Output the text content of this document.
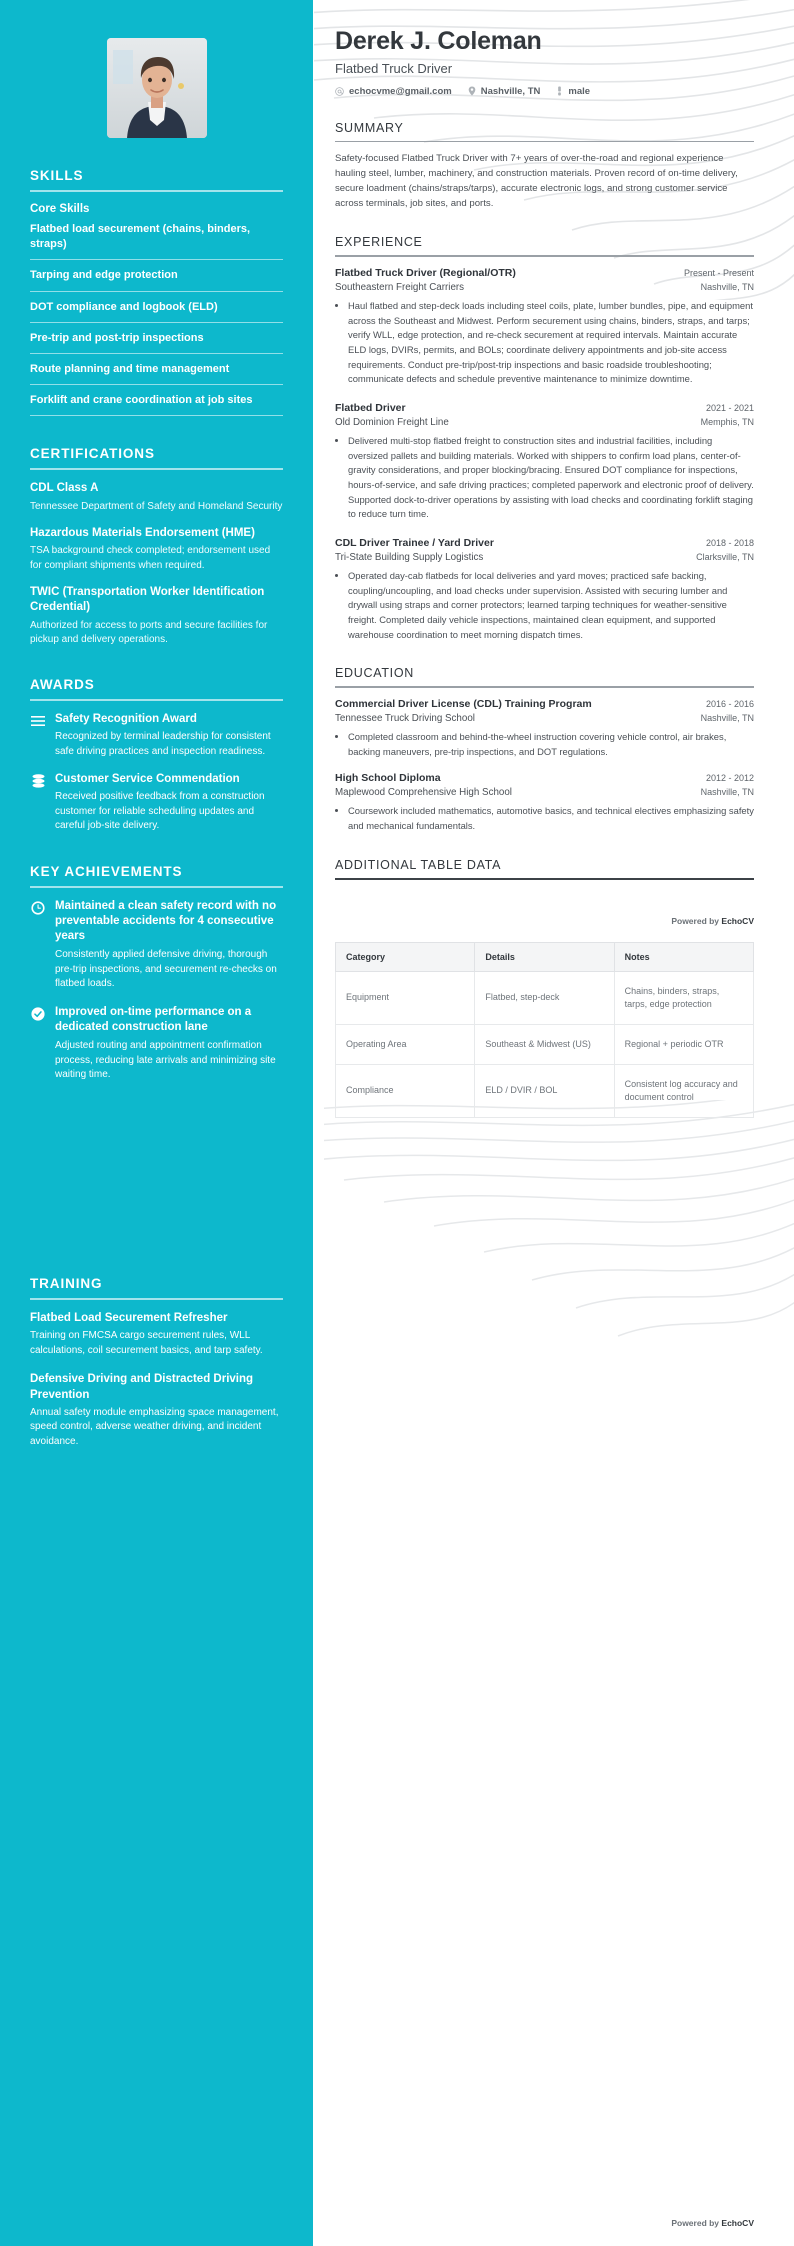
SKILLS
Core Skills
Flatbed load securement (chains, binders, straps)
Tarping and edge protection
DOT compliance and logbook (ELD)
Pre-trip and post-trip inspections
Route planning and time management
Forklift and crane coordination at job sites
CERTIFICATIONS
CDL Class A
Tennessee Department of Safety and Homeland Security
Hazardous Materials Endorsement (HME)
TSA background check completed; endorsement used for compliant shipments when required.
TWIC (Transportation Worker Identification Credential)
Authorized for access to ports and secure facilities for pickup and delivery operations.
AWARDS
Safety Recognition Award
Recognized by terminal leadership for consistent safe driving practices and inspection readiness.
Customer Service Commendation
Received positive feedback from a construction customer for reliable scheduling updates and careful job-site delivery.
KEY ACHIEVEMENTS
Maintained a clean safety record with no preventable accidents for 4 consecutive years
Consistently applied defensive driving, thorough pre-trip inspections, and securement re-checks on flatbed loads.
Improved on-time performance on a dedicated construction lane
Adjusted routing and appointment confirmation process, reducing late arrivals and minimizing site waiting time.
TRAINING
Flatbed Load Securement Refresher
Training on FMCSA cargo securement rules, WLL calculations, coil securement basics, and tarp safety.
Defensive Driving and Distracted Driving Prevention
Annual safety module emphasizing space management, speed control, adverse weather driving, and incident avoidance.
Derek J. Coleman
Flatbed Truck Driver
echocvme@gmail.com	Nashville, TN	male
SUMMARY

Safety-focused Flatbed Truck Driver with 7+ years of over-the-road and regional experience hauling steel, lumber, machinery, and construction materials. Proven record of on-time delivery, secure loadment (chains/straps/tarps), accurate electronic logs, and strong customer service across terminals, job sites, and ports.

EXPERIENCE
Flatbed Truck Driver (Regional/OTR)	Present - Present
Southeastern Freight Carriers	Nashville, TN
• Haul flatbed and step-deck loads including steel coils, plate, lumber bundles, pipe, and equipment across the Southeast and Midwest. Perform securement using chains, binders, straps, and tarps; verify WLL, edge protection, and re-check securement at required intervals. Maintain accurate ELD logs, DVIRs, permits, and BOLs; coordinate delivery appointments and job-site access requirements. Conduct pre-trip/post-trip inspections and basic roadside troubleshooting; communicate defects and schedule preventive maintenance to minimize downtime.
Flatbed Driver	2021 - 2021
Old Dominion Freight Line	Memphis, TN
• Delivered multi-stop flatbed freight to construction sites and industrial facilities, including oversized pallets and building materials. Worked with shippers to confirm load plans, center-of-gravity considerations, and proper blocking/bracing. Ensured DOT compliance for inspections, hours-of-service, and safe driving practices; completed paperwork and electronic proof of delivery. Supported dock-to-driver operations by assisting with load checks and coordinating forklift staging to reduce turn time.
CDL Driver Trainee / Yard Driver	2018 - 2018
Tri-State Building Supply Logistics	Clarksville, TN
• Operated day-cab flatbeds for local deliveries and yard moves; practiced safe backing, coupling/uncoupling, and load checks under supervision. Assisted with securing lumber and drywall using straps and corner protectors; learned tarping techniques for weather-sensitive freight. Completed daily vehicle inspections, maintained clean equipment, and supported warehouse coordination to meet morning dispatch times.
EDUCATION
Commercial Driver License (CDL) Training Program	2016 - 2016
Tennessee Truck Driving School	Nashville, TN
• Completed classroom and behind-the-wheel instruction covering vehicle control, air brakes, backing maneuvers, pre-trip inspections, and DOT regulations.
High School Diploma	2012 - 2012
Maplewood Comprehensive High School	Nashville, TN
• Coursework included mathematics, automotive basics, and technical electives emphasizing safety and mechanical fundamentals.
ADDITIONAL TABLE DATA
Powered by EchoCV
Category	Details	Notes
Equipment	Flatbed, step-deck	Chains, binders, straps, tarps, edge protection
Operating Area	Southeast & Midwest (US)	Regional + periodic OTR
Compliance	ELD / DVIR / BOL	Consistent log accuracy and document control
Powered by EchoCV
